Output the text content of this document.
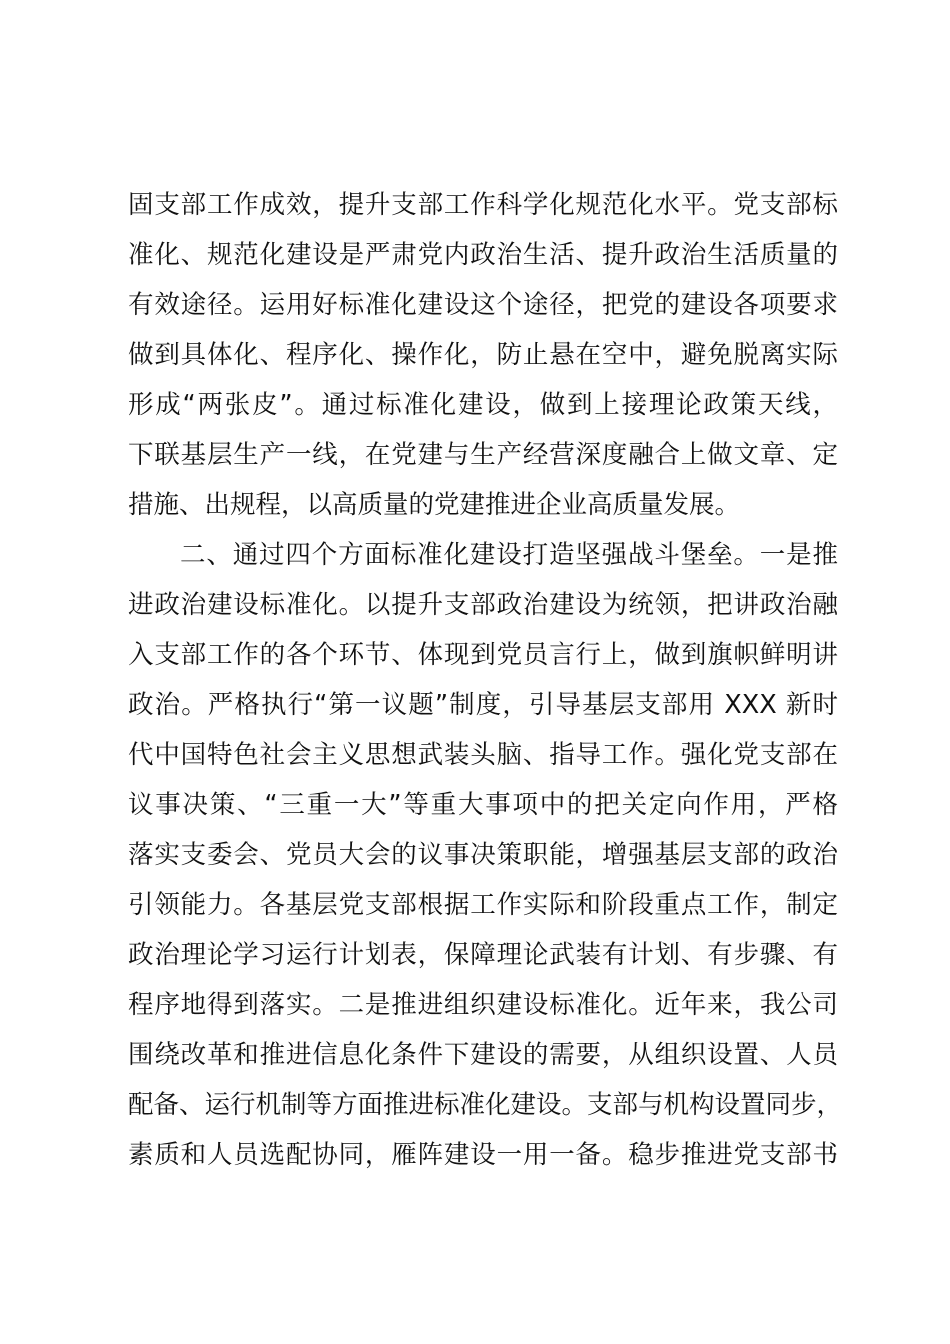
固支部工作成效，提升支部工作科学化规范化水平。党支部标
准化、规范化建设是严肃党内政治生活、提升政治生活质量的
有效途径。运用好标准化建设这个途径，把党的建设各项要求
做到具体化、程序化、操作化，防止悬在空中，避免脱离实际
形成“两张皮”。通过标准化建设，做到上接理论政策天线，
下联基层生产一线，在党建与生产经营深度融合上做文章、定
措施、出规程，以高质量的党建推进企业高质量发展。
二、通过四个方面标准化建设打造坚强战斗堡垒。一是推
进政治建设标准化。以提升支部政治建设为统领，把讲政治融
入支部工作的各个环节、体现到党员言行上，做到旗帜鲜明讲
政治。严格执行“第一议题”制度，引导基层支部用 XXX 新时
代中国特色社会主义思想武装头脑、指导工作。强化党支部在
议事决策、“三重一大”等重大事项中的把关定向作用，严格
落实支委会、党员大会的议事决策职能，增强基层支部的政治
引领能力。各基层党支部根据工作实际和阶段重点工作，制定
政治理论学习运行计划表，保障理论武装有计划、有步骤、有
程序地得到落实。二是推进组织建设标准化。近年来，我公司
围绕改革和推进信息化条件下建设的需要，从组织设置、人员
配备、运行机制等方面推进标准化建设。支部与机构设置同步，
素质和人员选配协同，雁阵建设一用一备。稳步推进党支部书
